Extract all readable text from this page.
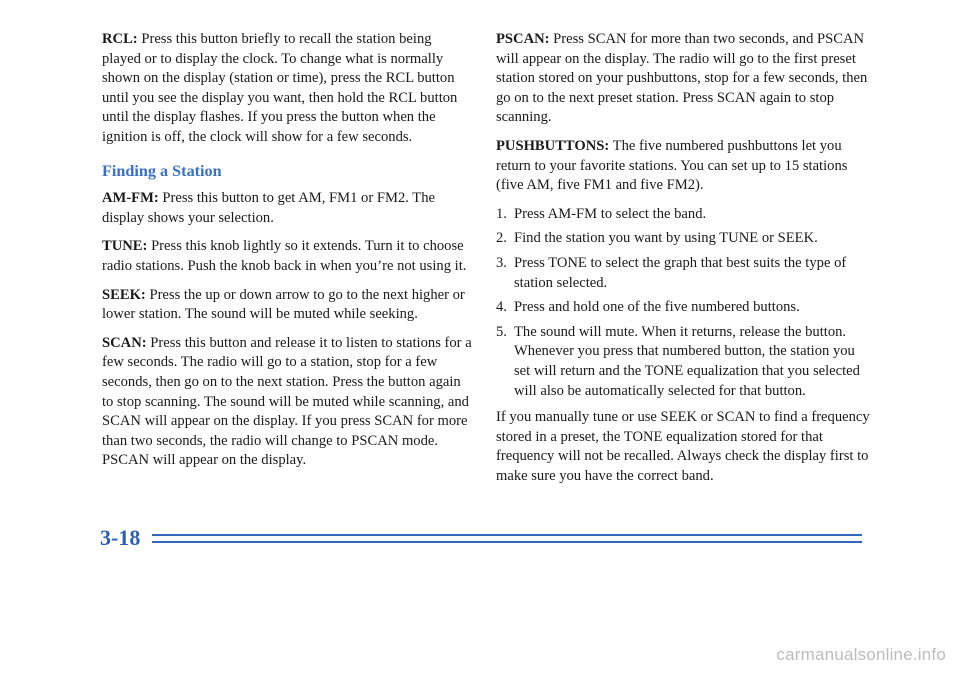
RCL: Press this button briefly to recall the station being played or to display the clock. To change what is normally shown on the display (station or time), press the RCL button until you see the display you want, then hold the RCL button until the display flashes. If you press the button when the ignition is off, the clock will show for a few seconds.

Finding a Station

AM-FM: Press this button to get AM, FM1 or FM2. The display shows your selection.

TUNE: Press this knob lightly so it extends. Turn it to choose radio stations. Push the knob back in when you’re not using it.

SEEK: Press the up or down arrow to go to the next higher or lower station. The sound will be muted while seeking.

SCAN: Press this button and release it to listen to stations for a few seconds. The radio will go to a station, stop for a few seconds, then go on to the next station. Press the button again to stop scanning. The sound will be muted while scanning, and SCAN will appear on the display. If you press SCAN for more than two seconds, the radio will change to PSCAN mode. PSCAN will appear on the display.

PSCAN: Press SCAN for more than two seconds, and PSCAN will appear on the display. The radio will go to the first preset station stored on your pushbuttons, stop for a few seconds, then go on to the next preset station. Press SCAN again to stop scanning.

PUSHBUTTONS: The five numbered pushbuttons let you return to your favorite stations. You can set up to 15 stations (five AM, five FM1 and five FM2).

1. Press AM-FM to select the band.
2. Find the station you want by using TUNE or SEEK.
3. Press TONE to select the graph that best suits the type of station selected.
4. Press and hold one of the five numbered buttons.
5. The sound will mute. When it returns, release the button. Whenever you press that numbered button, the station you set will return and the TONE equalization that you selected will also be automatically selected for that button.

If you manually tune or use SEEK or SCAN to find a frequency stored in a preset, the TONE equalization stored for that frequency will not be recalled. Always check the display first to make sure you have the correct band.

3-18
carmanualsonline.info
